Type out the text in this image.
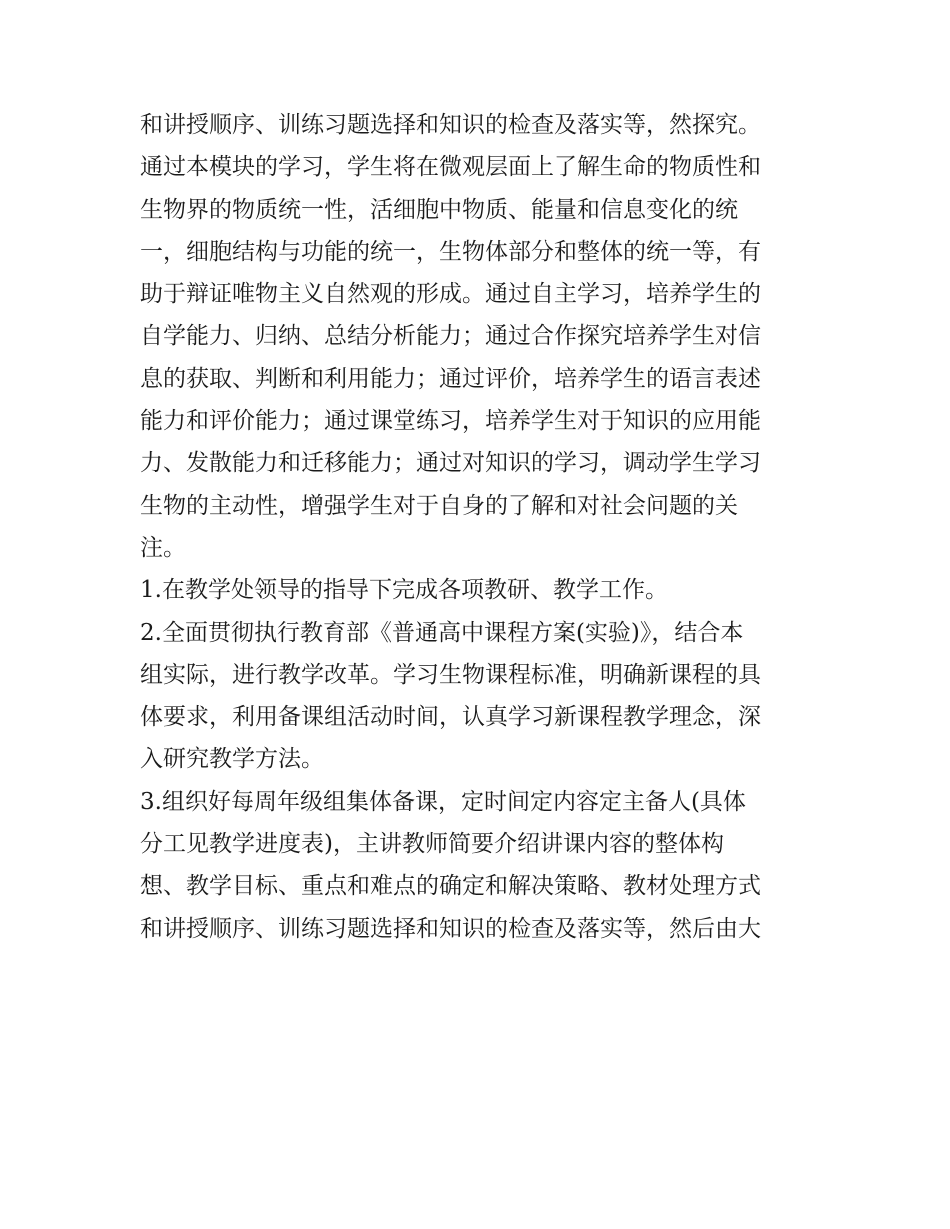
和讲授顺序、训练习题选择和知识的检查及落实等，然探究。
通过本模块的学习，学生将在微观层面上了解生命的物质性和
生物界的物质统一性，活细胞中物质、能量和信息变化的统
一，细胞结构与功能的统一，生物体部分和整体的统一等，有
助于辩证唯物主义自然观的形成。通过自主学习，培养学生的
自学能力、归纳、总结分析能力；通过合作探究培养学生对信
息的获取、判断和利用能力；通过评价，培养学生的语言表述
能力和评价能力；通过课堂练习，培养学生对于知识的应用能
力、发散能力和迁移能力；通过对知识的学习，调动学生学习
生物的主动性，增强学生对于自身的了解和对社会问题的关
注。
1.在教学处领导的指导下完成各项教研、教学工作。
2.全面贯彻执行教育部《普通高中课程方案(实验)》，结合本
组实际，进行教学改革。学习生物课程标准，明确新课程的具
体要求，利用备课组活动时间，认真学习新课程教学理念，深
入研究教学方法。
3.组织好每周年级组集体备课，定时间定内容定主备人(具体
分工见教学进度表)，主讲教师简要介绍讲课内容的整体构
想、教学目标、重点和难点的确定和解决策略、教材处理方式
和讲授顺序、训练习题选择和知识的检查及落实等，然后由大
